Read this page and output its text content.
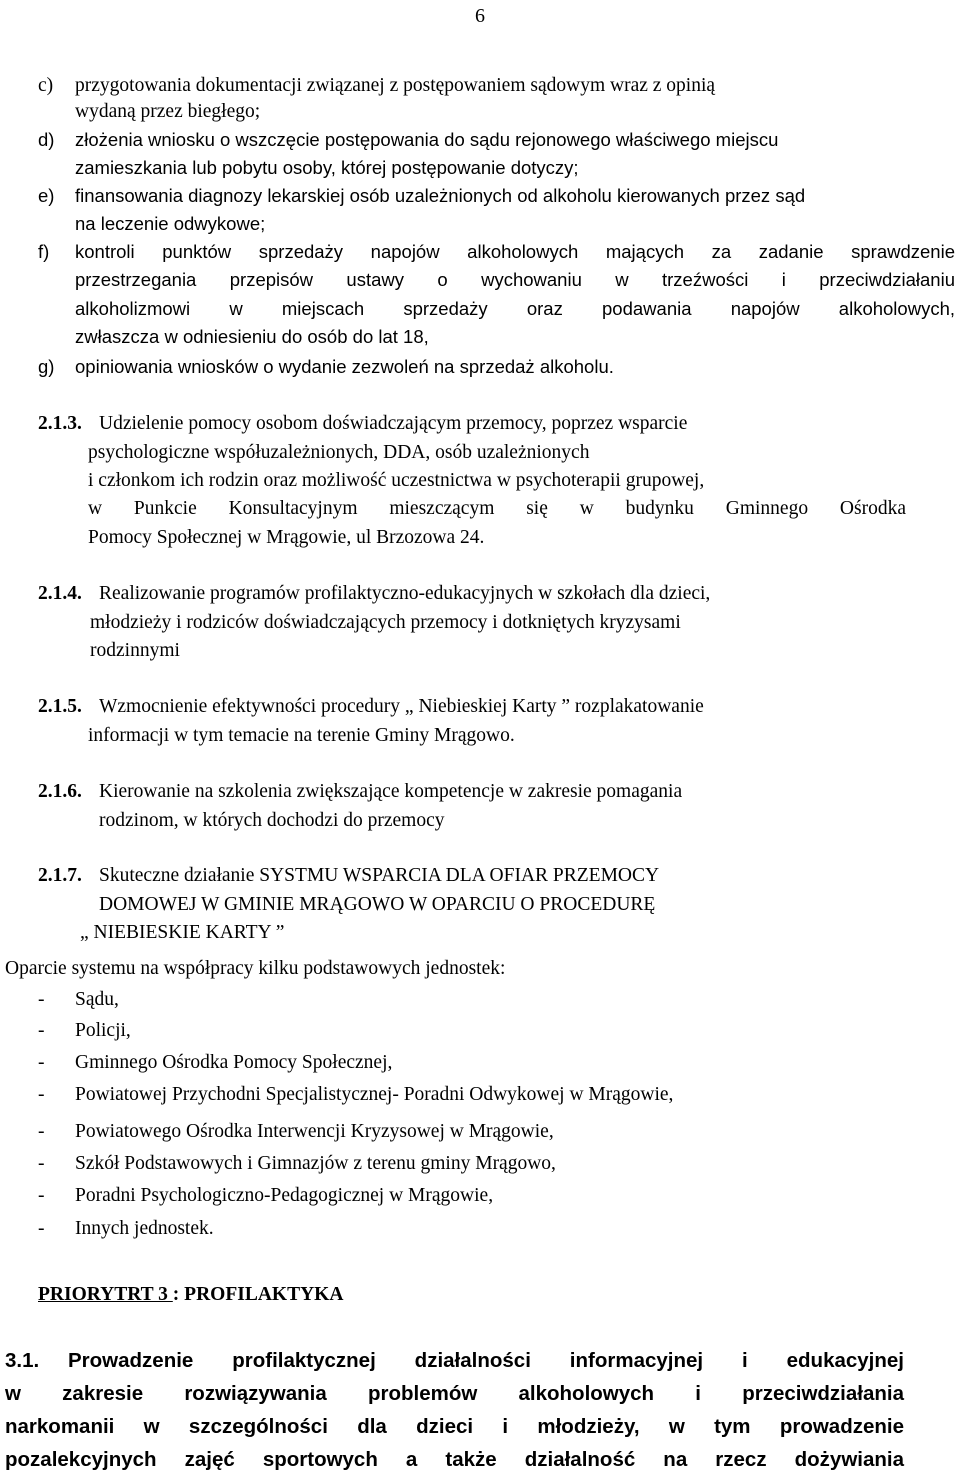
6
c) przygotowania dokumentacji związanej z postępowaniem sądowym wraz z opinią
wydaną przez biegłego;
d) złożenia wniosku o wszczęcie postępowania do sądu rejonowego właściwego miejscu
zamieszkania lub pobytu osoby, której postępowanie dotyczy;
e) finansowania diagnozy lekarskiej osób uzależnionych od alkoholu kierowanych przez sąd
na leczenie odwykowe;
f) kontroli punktów sprzedaży napojów alkoholowych mających za zadanie sprawdzenie
przestrzegania przepisów ustawy o wychowaniu w trzeźwości i przeciwdziałaniu
alkoholizmowi w miejscach sprzedaży oraz podawania napojów alkoholowych,
zwłaszcza w odniesieniu do osób do lat 18,
g) opiniowania wniosków o wydanie zezwoleń na sprzedaż alkoholu.
2.1.3. Udzielenie pomocy osobom doświadczającym przemocy, poprzez wsparcie
psychologiczne współuzależnionych, DDA, osób uzależnionych
i członkom ich rodzin oraz możliwość uczestnictwa w psychoterapii grupowej,
w Punkcie Konsultacyjnym mieszczącym się w budynku Gminnego Ośrodka
Pomocy Społecznej w Mrągowie, ul Brzozowa 24.
2.1.4. Realizowanie programów profilaktyczno-edukacyjnych w szkołach dla dzieci,
młodzieży i rodziców doświadczających przemocy i dotkniętych kryzysami
rodzinnymi
2.1.5. Wzmocnienie efektywności procedury „ Niebieskiej Karty ” rozplakatowanie
informacji w tym temacie na terenie Gminy Mrągowo.
2.1.6. Kierowanie na szkolenia zwiększające kompetencje w zakresie pomagania
rodzinom, w których dochodzi do przemocy
2.1.7. Skuteczne działanie SYSTMU WSPARCIA DLA OFIAR PRZEMOCY
DOMOWEJ W GMINIE MRĄGOWO W OPARCIU O PROCEDURĘ
„ NIEBIESKIE KARTY ”
Oparcie systemu na współpracy kilku podstawowych jednostek:
- Sądu,
- Policji,
- Gminnego Ośrodka Pomocy Społecznej,
- Powiatowej Przychodni Specjalistycznej- Poradni Odwykowej w Mrągowie,
- Powiatowego Ośrodka Interwencji Kryzysowej w Mrągowie,
- Szkół Podstawowych i Gimnazjów z terenu gminy Mrągowo,
- Poradni Psychologiczno-Pedagogicznej w Mrągowie,
- Innych jednostek.
PRIORYTRT 3 : PROFILAKTYKA
3.1. Prowadzenie profilaktycznej działalności informacyjnej i edukacyjnej
w zakresie rozwiązywania problemów alkoholowych i przeciwdziałania
narkomanii w szczególności dla dzieci i młodzieży, w tym prowadzenie
pozalekcyjnych zajęć sportowych a także działalność na rzecz dożywiania
